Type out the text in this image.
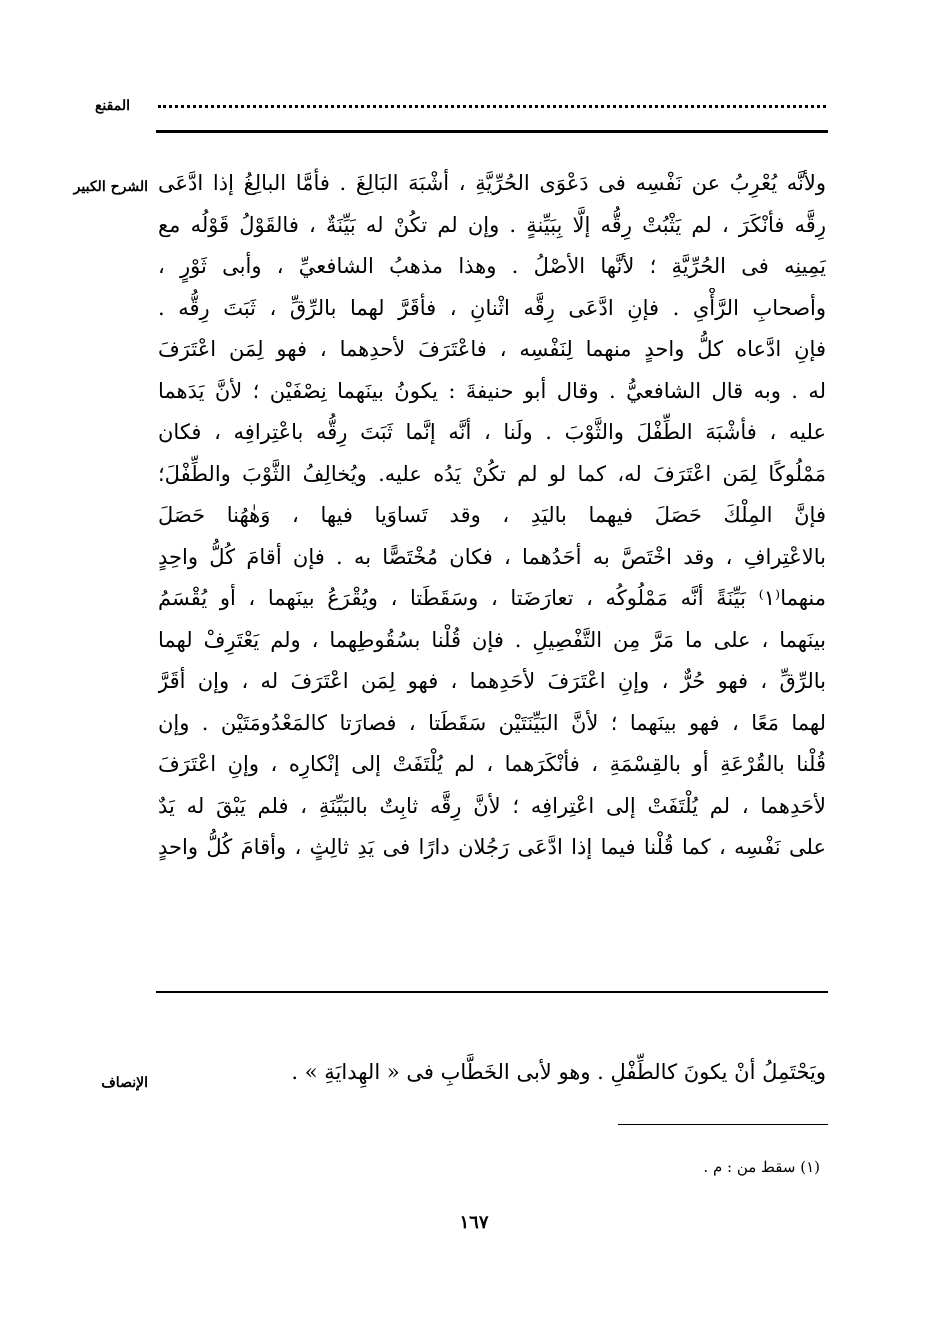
المقنع
الشرح الكبير ولأنَّه يُعْرِبُ عن نَفْسِه فى دَعْوَى الحُرِّيَّةِ ، أشْبَهَ البَالِغَ . فأمَّا البالِغُ إذا ادَّعَى
رِقَّه فأنْكَرَ ، لم يَثْبُتْ رِقُّه إلَّا بِبَيِّنةٍ . وإن لم تكُنْ له بَيِّنَةٌ ، فالقَوْلُ قَوْلُه مع
يَمِينِه فى الحُرِّيَّةِ ؛ لأنَّها الأصْلُ . وهذا مذهبُ الشافعيِّ ، وأبى ثَوْرٍ ،
وأصحابِ الرَّأْىِ . فإنِ ادَّعَى رِقَّه اثْنانِ ، فأقَرَّ لهما بالرِّقِّ ، ثَبَتَ رِقُّه .
فإنِ ادَّعاه كلُّ واحدٍ منهما لِنَفْسِه ، فاعْتَرَفَ لأحدِهما ، فهو لِمَن اعْتَرَفَ
له . وبه قال الشافعيُّ . وقال أبو حنيفةَ : يكونُ بينَهما نِصْفَيْن ؛ لأنَّ يَدَهما
عليه ، فأشْبَهَ الطِّفْلَ والثَّوْبَ . ولَنا ، أنَّه إنَّما ثَبَتَ رِقُّه باعْتِرافِه ، فكان
مَمْلُوكًا لِمَن اعْتَرَفَ له، كما لو لم تكُنْ يَدُه عليه. ويُخالِفُ الثَّوْبَ والطِّفْلَ؛
فإنَّ المِلْكَ حَصَلَ فيهما باليَدِ ، وقد تَساوَيا فيها ، وَهٰهُنا حَصَلَ
بالاعْتِرافِ ، وقد اخْتَصَّ به أحَدُهما ، فكان مُخْتَصًّا به . فإن أقامَ كُلُّ واحِدٍ
منهما⁽١⁾ بَيِّنَةً أنَّه مَمْلُوكُه ، تعارَضَتا ، وسَقَطَتا ، ويُقْرَعُ بينَهما ، أو يُقْسَمُ
بينَهما ، على ما مَرَّ مِن التَّفْصِيلِ . فإن قُلْنا بسُقُوطِهما ، ولم يَعْتَرِفْ لهما
بالرِّقِّ ، فهو حُرٌّ ، وإنِ اعْتَرَفَ لأحَدِهما ، فهو لِمَن اعْتَرَفَ له ، وإن أقَرَّ
لهما مَعًا ، فهو بينَهما ؛ لأنَّ البَيِّنَتَيْن سَقَطَتا ، فصارَتا كالمَعْدُومَتَيْن . وإن
قُلْنا بالقُرْعَةِ أو بالقِسْمَةِ ، فأنْكَرَهما ، لم يُلْتَفَتْ إلى إنْكارِه ، وإنِ اعْتَرَفَ
لأحَدِهما ، لم يُلْتَفَتْ إلى اعْتِرافِه ؛ لأنَّ رِقَّه ثابِتٌ بالبَيِّنَةِ ، فلم يَبْقَ له يَدٌ
على نَفْسِه ، كما قُلْنا فيما إذا ادَّعَى رَجُلان دارًا فى يَدِ ثالِثٍ ، وأقامَ كُلُّ واحدٍ
الإنصاف	ويَحْتَمِلُ أنْ يكونَ كالطِّفْلِ . وهو لأبى الخَطَّابِ فى « الهِدايَةِ » .
(١) سقط من : م .
١٦٧
